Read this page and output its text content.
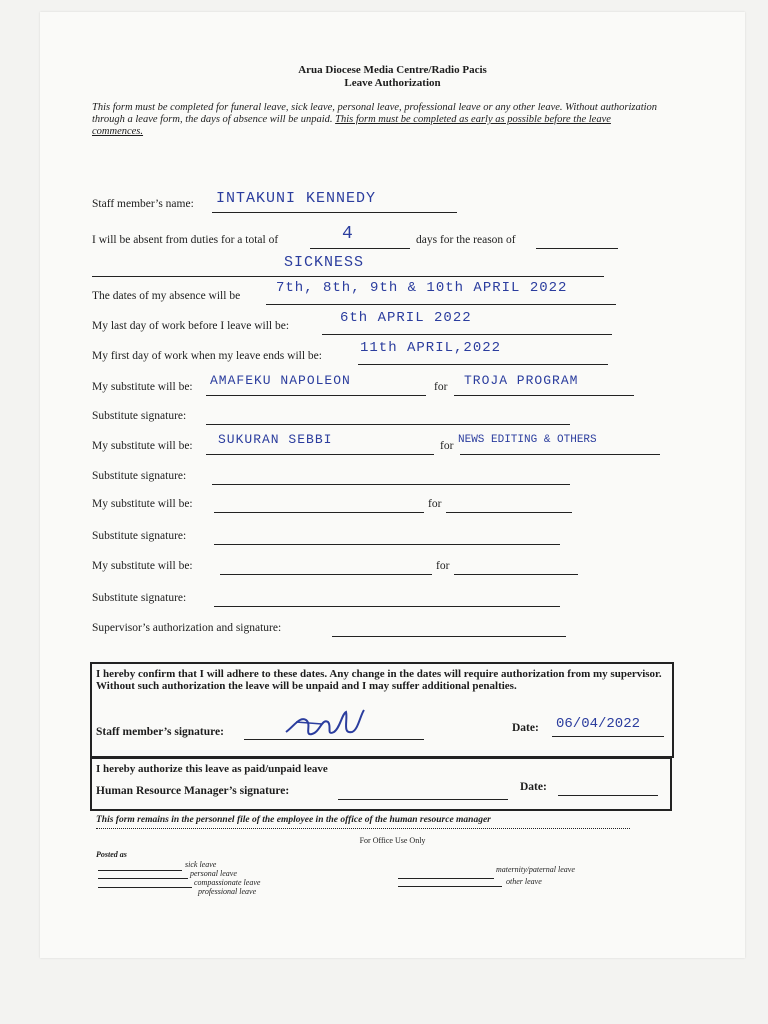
Arua Diocese Media Centre/Radio Pacis
Leave Authorization
This form must be completed for funeral leave, sick leave, personal leave, professional leave or any other leave. Without authorization through a leave form, the days of absence will be unpaid. This form must be completed as early as possible before the leave commences.
Staff member’s name: INTAKUNI KENNEDY
I will be absent from duties for a total of	4	days for the reason of
SICKNESS
The dates of my absence will be	7th, 8th, 9th & 10th APRIL 2022
My last day of work before I leave will be:	6th APRIL 2022
My first day of work when my leave ends will be:	11th APRIL,2022
My substitute will be: AMAFEKU NAPOLEON	for TROJA PROGRAM
Substitute signature:
My substitute will be: SUKURAN SEBBI	for NEWS EDITING & OTHERS
Substitute signature:
My substitute will be:	for
Substitute signature:
My substitute will be:	for
Substitute signature:
Supervisor’s authorization and signature:
I hereby confirm that I will adhere to these dates. Any change in the dates will require authorization from my supervisor. Without such authorization the leave will be unpaid and I may suffer additional penalties.
Staff member’s signature:	Date: 06/04/2022
I hereby authorize this leave as paid/unpaid leave
Human Resource Manager’s signature:	Date:
This form remains in the personnel file of the employee in the office of the human resource manager
For Office Use Only
Posted as
sick leave
personal leave
compassionate leave
professional leave
maternity/paternal leave
other leave
